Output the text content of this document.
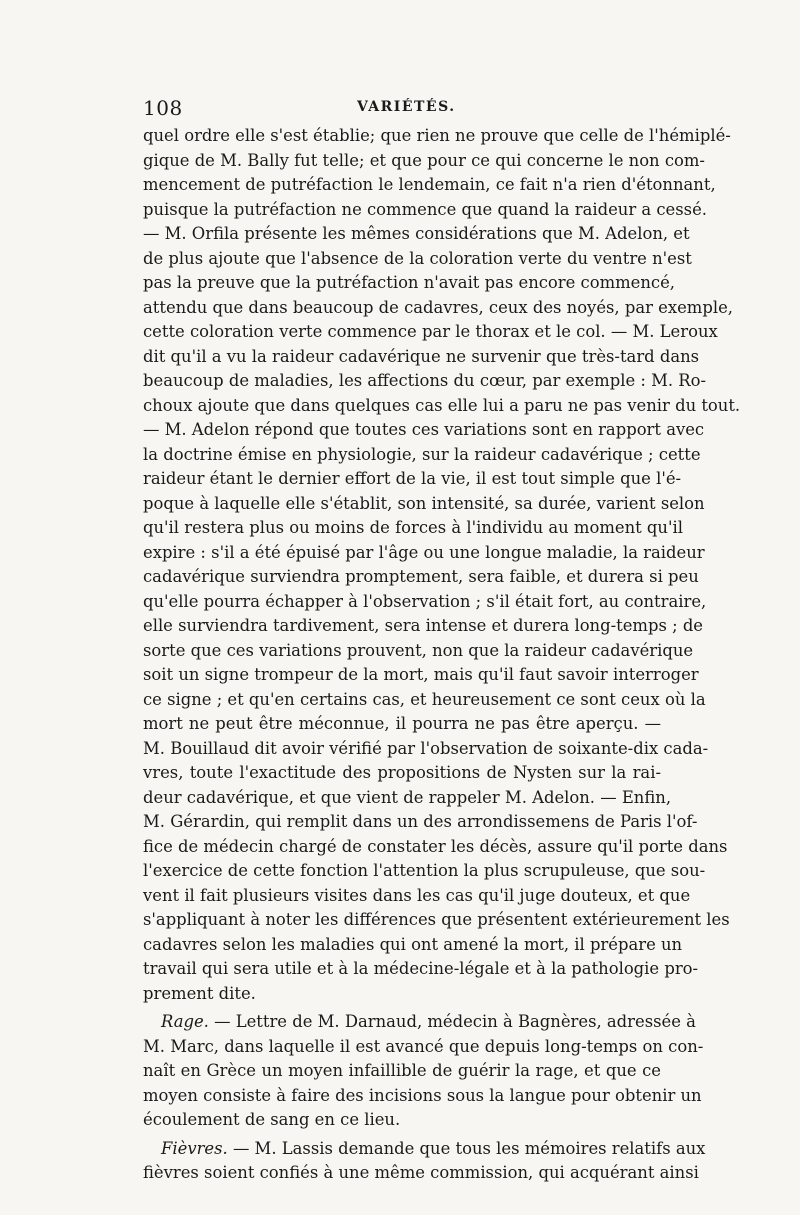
108	VARIÉTÉS.
quel ordre elle s'est établie; que rien ne prouve que celle de l'hémiplé-
gique de M. Bally fut telle; et que pour ce qui concerne le non com-
mencement de putréfaction le lendemain, ce fait n'a rien d'étonnant,
puisque la putréfaction ne commence que quand la raideur a cessé.
— M. Orfila présente les mêmes considérations que M. Adelon, et
de plus ajoute que l'absence de la coloration verte du ventre n'est
pas la preuve que la putréfaction n'avait pas encore commencé,
attendu que dans beaucoup de cadavres, ceux des noyés, par exemple,
cette coloration verte commence par le thorax et le col. — M. Leroux
dit qu'il a vu la raideur cadavérique ne survenir que très-tard dans
beaucoup de maladies, les affections du cœur, par exemple : M. Ro-
choux ajoute que dans quelques cas elle lui a paru ne pas venir du tout.
— M. Adelon répond que toutes ces variations sont en rapport avec
la doctrine émise en physiologie, sur la raideur cadavérique ; cette
raideur étant le dernier effort de la vie, il est tout simple que l'é-
poque à laquelle elle s'établit, son intensité, sa durée, varient selon
qu'il restera plus ou moins de forces à l'individu au moment qu'il
expire : s'il a été épuisé par l'âge ou une longue maladie, la raideur
cadavérique surviendra promptement, sera faible, et durera si peu
qu'elle pourra échapper à l'observation ; s'il était fort, au contraire,
elle surviendra tardivement, sera intense et durera long-temps ; de
sorte que ces variations prouvent, non que la raideur cadavérique
soit un signe trompeur de la mort, mais qu'il faut savoir interroger
ce signe ; et qu'en certains cas, et heureusement ce sont ceux où la
mort ne peut être méconnue, il pourra ne pas être aperçu. —
M. Bouillaud dit avoir vérifié par l'observation de soixante-dix cada-
vres, toute l'exactitude des propositions de Nysten sur la rai-
deur cadavérique, et que vient de rappeler M. Adelon. — Enfin,
M. Gérardin, qui remplit dans un des arrondissemens de Paris l'of-
fice de médecin chargé de constater les décès, assure qu'il porte dans
l'exercice de cette fonction l'attention la plus scrupuleuse, que sou-
vent il fait plusieurs visites dans les cas qu'il juge douteux, et que
s'appliquant à noter les différences que présentent extérieurement les
cadavres selon les maladies qui ont amené la mort, il prépare un
travail qui sera utile et à la médecine-légale et à la pathologie pro-
prement dite.
Rage. — Lettre de M. Darnaud, médecin à Bagnères, adressée à
M. Marc, dans laquelle il est avancé que depuis long-temps on con-
naît en Grèce un moyen infaillible de guérir la rage, et que ce
moyen consiste à faire des incisions sous la langue pour obtenir un
écoulement de sang en ce lieu.
Fièvres. — M. Lassis demande que tous les mémoires relatifs aux
fièvres soient confiés à une même commission, qui acquérant ainsi
